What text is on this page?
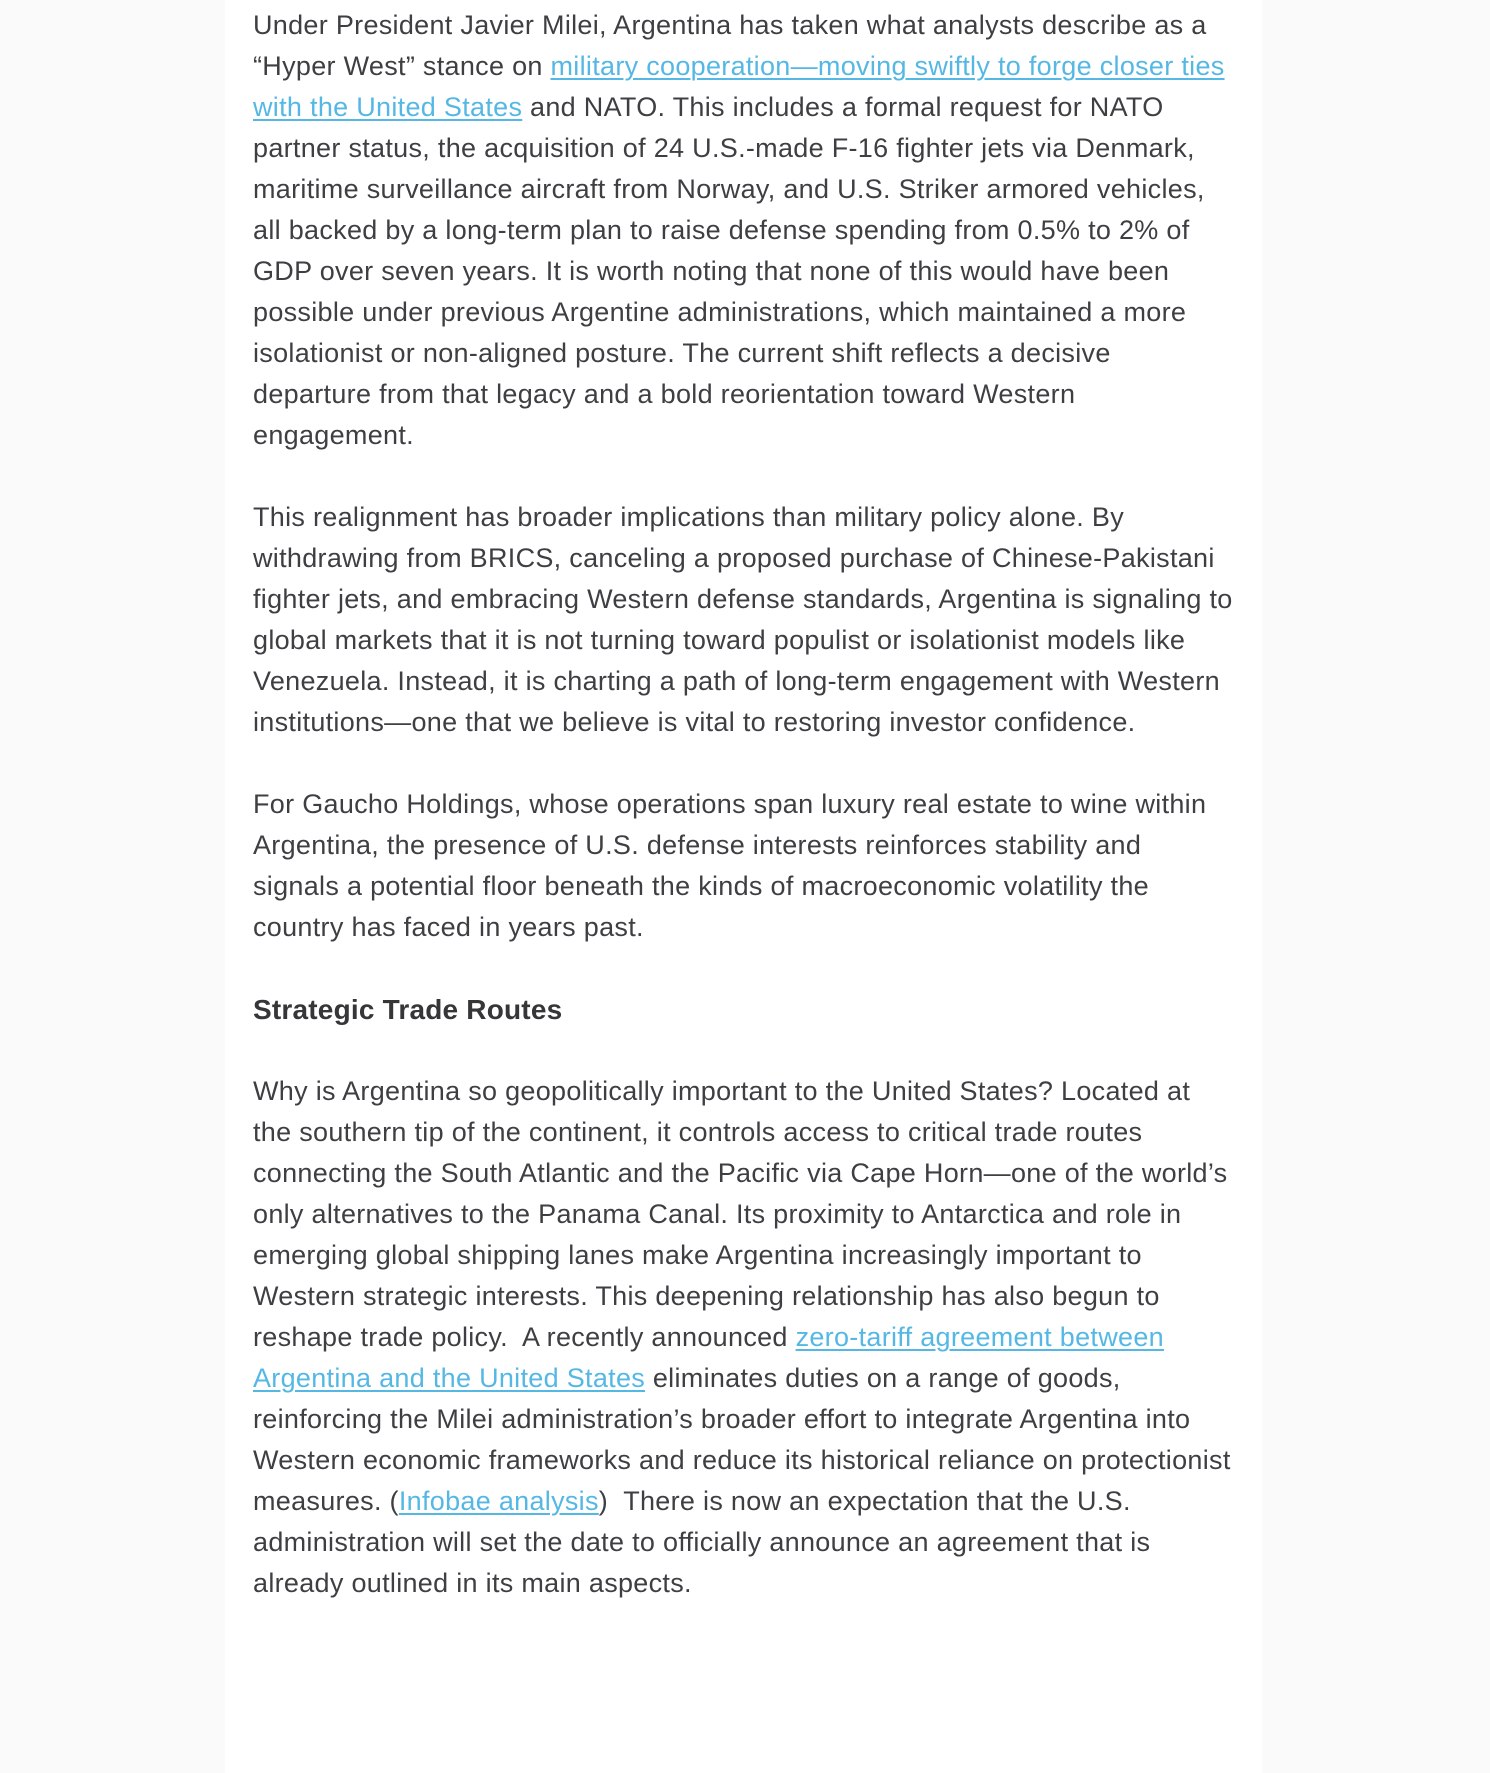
Under President Javier Milei, Argentina has taken what analysts describe as a “Hyper West” stance on military cooperation—moving swiftly to forge closer ties with the United States and NATO. This includes a formal request for NATO partner status, the acquisition of 24 U.S.-made F-16 fighter jets via Denmark, maritime surveillance aircraft from Norway, and U.S. Striker armored vehicles, all backed by a long-term plan to raise defense spending from 0.5% to 2% of GDP over seven years. It is worth noting that none of this would have been possible under previous Argentine administrations, which maintained a more isolationist or non-aligned posture. The current shift reflects a decisive departure from that legacy and a bold reorientation toward Western engagement.

This realignment has broader implications than military policy alone. By withdrawing from BRICS, canceling a proposed purchase of Chinese-Pakistani fighter jets, and embracing Western defense standards, Argentina is signaling to global markets that it is not turning toward populist or isolationist models like Venezuela. Instead, it is charting a path of long-term engagement with Western institutions—one that we believe is vital to restoring investor confidence.

For Gaucho Holdings, whose operations span luxury real estate to wine within Argentina, the presence of U.S. defense interests reinforces stability and signals a potential floor beneath the kinds of macroeconomic volatility the country has faced in years past.

Strategic Trade Routes

Why is Argentina so geopolitically important to the United States? Located at the southern tip of the continent, it controls access to critical trade routes connecting the South Atlantic and the Pacific via Cape Horn—one of the world’s only alternatives to the Panama Canal. Its proximity to Antarctica and role in emerging global shipping lanes make Argentina increasingly important to Western strategic interests. This deepening relationship has also begun to reshape trade policy.  A recently announced zero-tariff agreement between Argentina and the United States eliminates duties on a range of goods, reinforcing the Milei administration’s broader effort to integrate Argentina into Western economic frameworks and reduce its historical reliance on protectionist measures. (Infobae analysis)  There is now an expectation that the U.S. administration will set the date to officially announce an agreement that is already outlined in its main aspects.
